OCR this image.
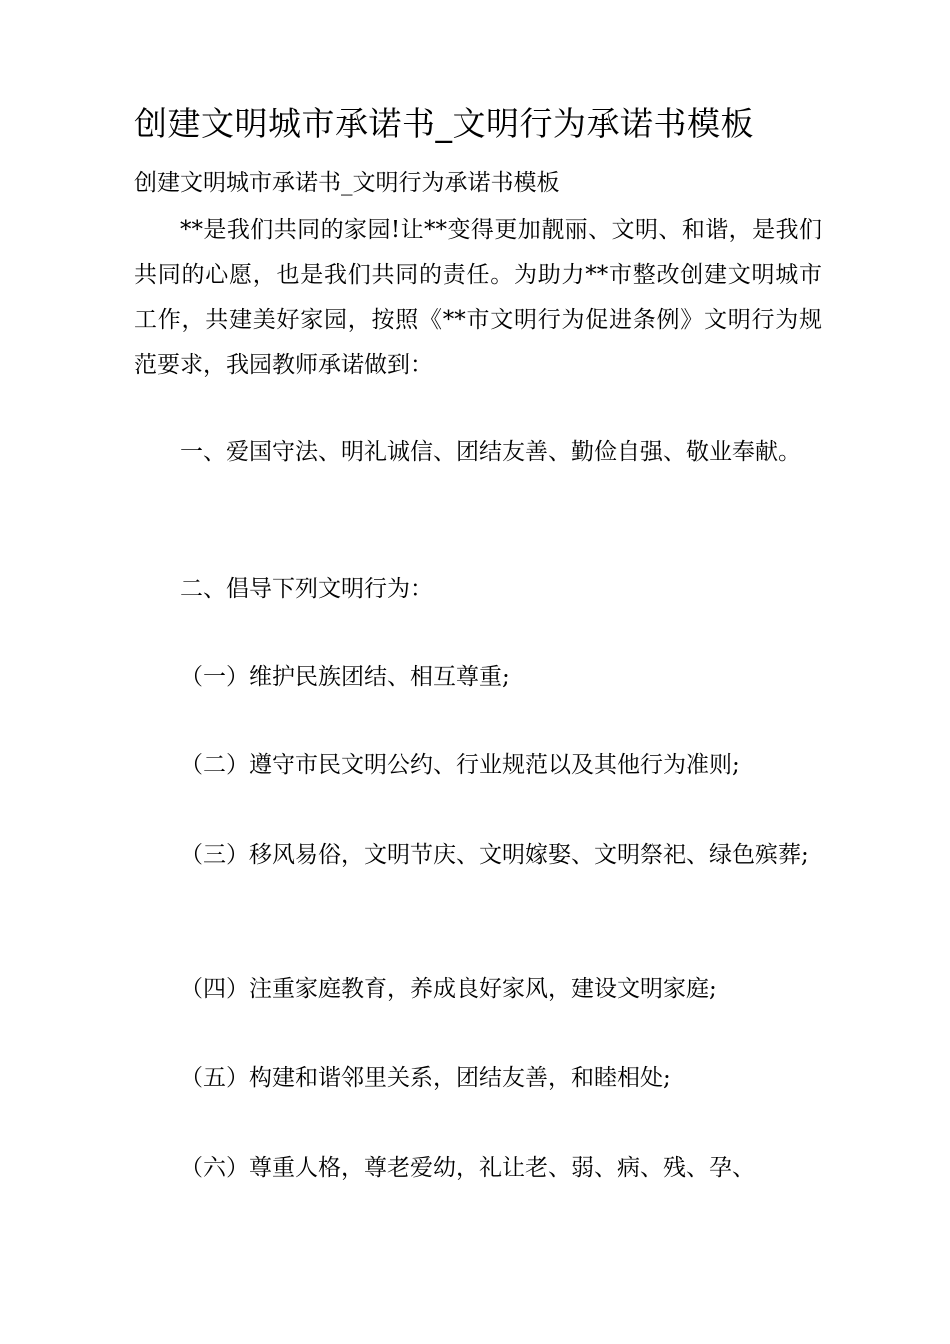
创建文明城市承诺书_文明行为承诺书模板
创建文明城市承诺书_文明行为承诺书模板

**是我们共同的家园!让**变得更加靓丽、文明、和谐，是我们共同的心愿，也是我们共同的责任。为助力**市整改创建文明城市工作，共建美好家园，按照《**市文明行为促进条例》文明行为规范要求，我园教师承诺做到：

一、爱国守法、明礼诚信、团结友善、勤俭自强、敬业奉献。

二、倡导下列文明行为：

（一）维护民族团结、相互尊重;

（二）遵守市民文明公约、行业规范以及其他行为准则;

（三）移风易俗，文明节庆、文明嫁娶、文明祭祀、绿色殡葬;

（四）注重家庭教育，养成良好家风，建设文明家庭;

（五）构建和谐邻里关系，团结友善，和睦相处;

（六）尊重人格，尊老爱幼，礼让老、弱、病、残、孕、
